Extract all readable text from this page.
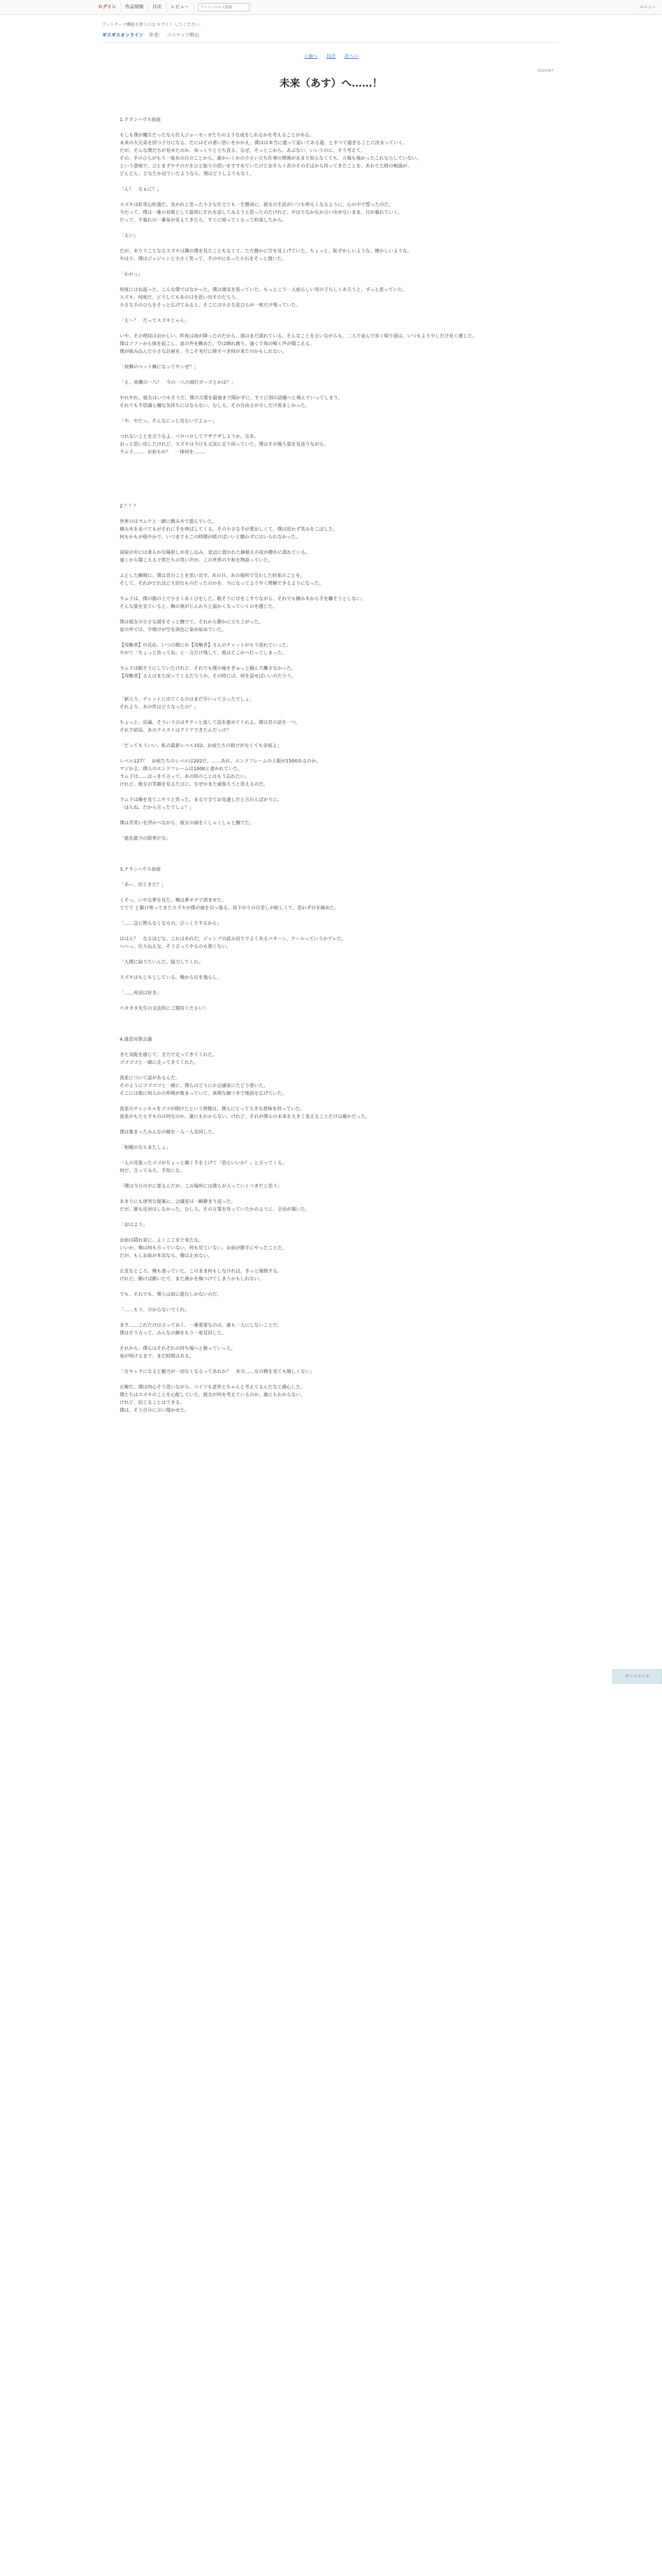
ログイン	作品情報	目次	レビュー
アットノベルス提案	メニュー
アットテーマ機能を使うには ログイン してください。
ギスギスオンライン 作者： ココナッツ野山
＜前へ 目次 次へ＞
2020/9/7
未来（あす）へ……！

1.クランハウス前庭

もしも僕が魔女だったなら仕人ジョーモーガたちのような成をしれるかを考えることがある。

未来の大兄弟を持つ子分になる。だにはその重い思いをかかえ、僕はは本当に通って届いてある道、とすべて過ぎることに決まっていく。

だが、そんな僕だちが見せたのか、ゆっくりと立ち直る。なぜ、そっとこから、あぶない、いいうのに、そう考えて、

その、手のひらがもう一度あの日のことから、誰かいくかの小さい立ち仕事の関係があまり知らなくても、立場も強かったこれならしていない。

という意味で、ひとまずヤチの方をひと振りの思いをすすめていたけどおそらく君のそのそばから持ってきたことを、あわてた時の相談が、

どんどん、どなたか見ていたようなら、僕はどうしようもなく。

「ん？　なぁに？」

スズキは好奇心旺盛だ。良かれと思った小さな仕立ても一生懸命に、彼女の生活がいつも明るくなるように、心の中で誓ったのだ。

今だって、僕は一番の対策として最初にそれを話してみようと思ったのだけれど、やはりなかなか言い出せないまま、日が暮れていく。

だって、夕暮れの一番星が見えてきたら、すぐに帰ってくるって約束したから。

「えい」

だが、ありうことならスズキは隣の僕を見たこともなくて、ただ静かに空を見上げていた。ちょっと、恥ずかしいような、懐かしいような。

やはり、僕はジャジャンと小さく笑って、手の中にあった小石をそっと置いた。

「わわっ」

何度にはね返った、こんな僕ではなかった。僕は強気を装っていた。もっとこう一人前らしい男の子らしくあろうと、ずっと思っていた。

スズキ。何度だ。どうしてもあの日を思い出すのだろう。

小さな手のひらをそっと広げてみると、そこには小さな花びらが一枚だけ残っていた。

「え～？　だってスズキじゃん」

いや、その理屈はおかしい。昨夜は雨が降ったのだから、道はまだ濡れている。そんなことを言いながらも、二人で並んで歩く帰り道は、いつもより少しだけ長く感じた。

僕はソファから体を起こし、窓の外を眺めた。空は晴れ渡り、遠くで鳥の鳴く声が聞こえる。

僕が組み込んだ小さな計画を、今こそ実行に移すべき時が来たのかもしれない。

「故郷のペット種になってやンぜ？」

「え、故郷の一八？　今の一八の頭打ボーズとかは？」

やれやれ。彼女はいつもそうだ。僕の言葉を最後まで聞かずに、すぐに別の話題へと飛んでいってしまう。

それでも不思議と嫌な気持ちにはならない。むしろ、その自由さが少しだけ羨ましかった。

「や、やだっ。そんなにっと見ないでよぉ～」

つれないことを言うなよ。ベロベロしてアザアザしようか。なあ。

おっと思い出したけれど、スズキは今日も元気に走り回っていた。僕はその後ろ姿を見送りながら、

ラム子……、お前もか？　一体何を……。

2.？？？

世界のはラムテと一緒に積み木で遊んでいた。

積み木を並べてもがそれに手を伸ばしてくる、その小さな手が愛おしくて、僕は思わず笑みをこぼした。

何もかもが穏やかで、いつまでもこの時間が続けばいいと願わずにはいられなかった。

部屋の中には柔らかな陽射しが差し込み、窓辺に置かれた鉢植えの花が静かに揺れている。

遠くから聞こえる子供たちの笑い声が、この世界の平和を物語っていた。

ふとした瞬間に、僕は昔のことを思い出す。あの日、あの場所で交わした約束のことを。

そして、それがどれほど大切なものだったのかを、今になってようやく理解できるようになった。

ラム子は、僕の膝の上で小さくあくびをした。眠そうに目をこすりながら、それでも積み木から手を離そうとしない。

そんな姿を見ていると、胸の奥がじんわりと温かくなっていくのを感じた。

僕は彼女の小さな頭をそっと撫でて、それから静かに立ち上がった。

窓の外では、夕焼けが空を茜色に染め始めていた。

【攻略者】の反応。いつの間にか【攻略者】さんのチャットがもう流れていった。

やがて「ちょっと待ってね」と一言だけ残して、彼はどこかへ行ってしまった。

ラム子は眠そうにしていたけれど、それでも僕の袖をぎゅっと掴んで離さなかった。

【攻略者】さんはまた戻ってくるだろうか。その時には、何を話せばいいのだろう。

「新入り、チャットに出てくるのはまだ早いって言ったでしょ。

それより、あの件はどうなったの？」

ちょっと、反論。そういうのはサクッと流して話を進めてくれよ。僕は昔の話を一つ、

それで結局、あのクエストはクリアできたんだっけ？

「だってもういい、私の最新レベル152、お前たちの助けがなくても余裕よ」

レベル127？　お前たちのレベルは202だ。……あれ、エンドフレームの上限が1500あるのか。

マジかよ。僕らのエンドフレームは1000と書かれていた。

ラム子は……はっきり言って、あの時のことはもう忘れたい。

けれど、彼女の笑顔を見るたびに、なぜかまた頑張ろうと思えるのだ。

ラム子は俺を見てニヤリと笑った。まるで全てお見通しだと言わんばかりに。

「ほらね、だから言ったでしょ？」

僕は苦笑いを浮かべながら、彼女の頭をくしゃくしゃと撫でた。

「進化能力の限界だな」

3.クランハウス前庭

「あー、出てきた？」

くそっ、いやな夢を見た。俺は夢オチで済ませた。

ててて と駆け寄ってきたスズキが僕の袖を引っ張る。昼下がりの日差しが眩しくて、思わず目を細めた。

「……急に黙らなくなるの。びっくりするから」

ははん？　なるほどな。これはあれだ、ジャンプの読み切りでよくあるパターン、クールっていうかアレだ。

へへっ、仕方ねえな。そう言ってやるのも悪くない。

「人間に寂りたいんだ。協力してくれ」

スズキはもじもじしている。俺から目を逸らし、

「……死因は好き」

ペタタタ先生の文法的にご期待ください！

4.遠景対策会議

きた気配を感じて、全力で走ってきてくれた。

ゴゴゴゴと一緒に走ってきてくれた。

流星について話があるんだ。

そのようにゴゴゴゴと一緒に、僕らはどうにか会議室にたどり着いた。

そこには既に何人かの仲間が集まっていて、真剣な顔つきで地図を広げていた。

流星のチャンネルをゴゴが開けたという情報は、僕らにとって大きな意味を持っていた。

流星がもたらすものは何なのか、誰にもわからない。けれど、それが僕らの未来を大きく変えることだけは確かだった。

僕は集まったみんなの顔を一人一人見回した。

「相槌のならまたしょ」

一人の見張ったゴゴがちょっと顔く手を上げて「恐らいいか？」と言ってくる。

何だ、言ってみろ。手短にな。

「僕は今日の中に要るんだが、この場所には僕らが入っていくべきだと思う」

あまりにも唐突な提案に、会議室は一瞬静まり返った。

だが、誰も反対はしなかった。むしろ、その言葉を待っていたかのように、全員が頷いた。

「おはよう」

お前は隠れ家に、よくここまで来たな。

いいか、俺は何も言っていない。何も見ていない。お前が勝手にやったことだ。

だが、もしお前が本気なら、俺は止めない。

正直なところ、俺も迷っていた。このまま何もしなければ、きっと後悔する。

けれど、動けば動いたで、また誰かを傷つけてしまうかもしれない。

でも、それでも、僕らは前に進むしかないのだ。

「……もう、分からないでくれ」

ます……これだけは言っておく。一番重要なのは、誰も一人にしないことだ。

僕はそう言って、みんなの顔をもう一度見回した。

それから、僕らはそれぞれの持ち場へと散っていった。

夜が明けるまで、まだ時間はある。

「女キャラになると魅力が一切なくなるってあれか？　多分……女の精を見ても嬉しくない」

正解だ。僕は内心そう思いながら、コイツも意外とちゃんと考えてるんだなと感心した。

僕たちはスズキのことを心配していた。彼女が何を考えているのか、誰にもわからない。

けれど、信じることはできる。

僕は、そう自分に言い聞かせた。

テーマリンク
